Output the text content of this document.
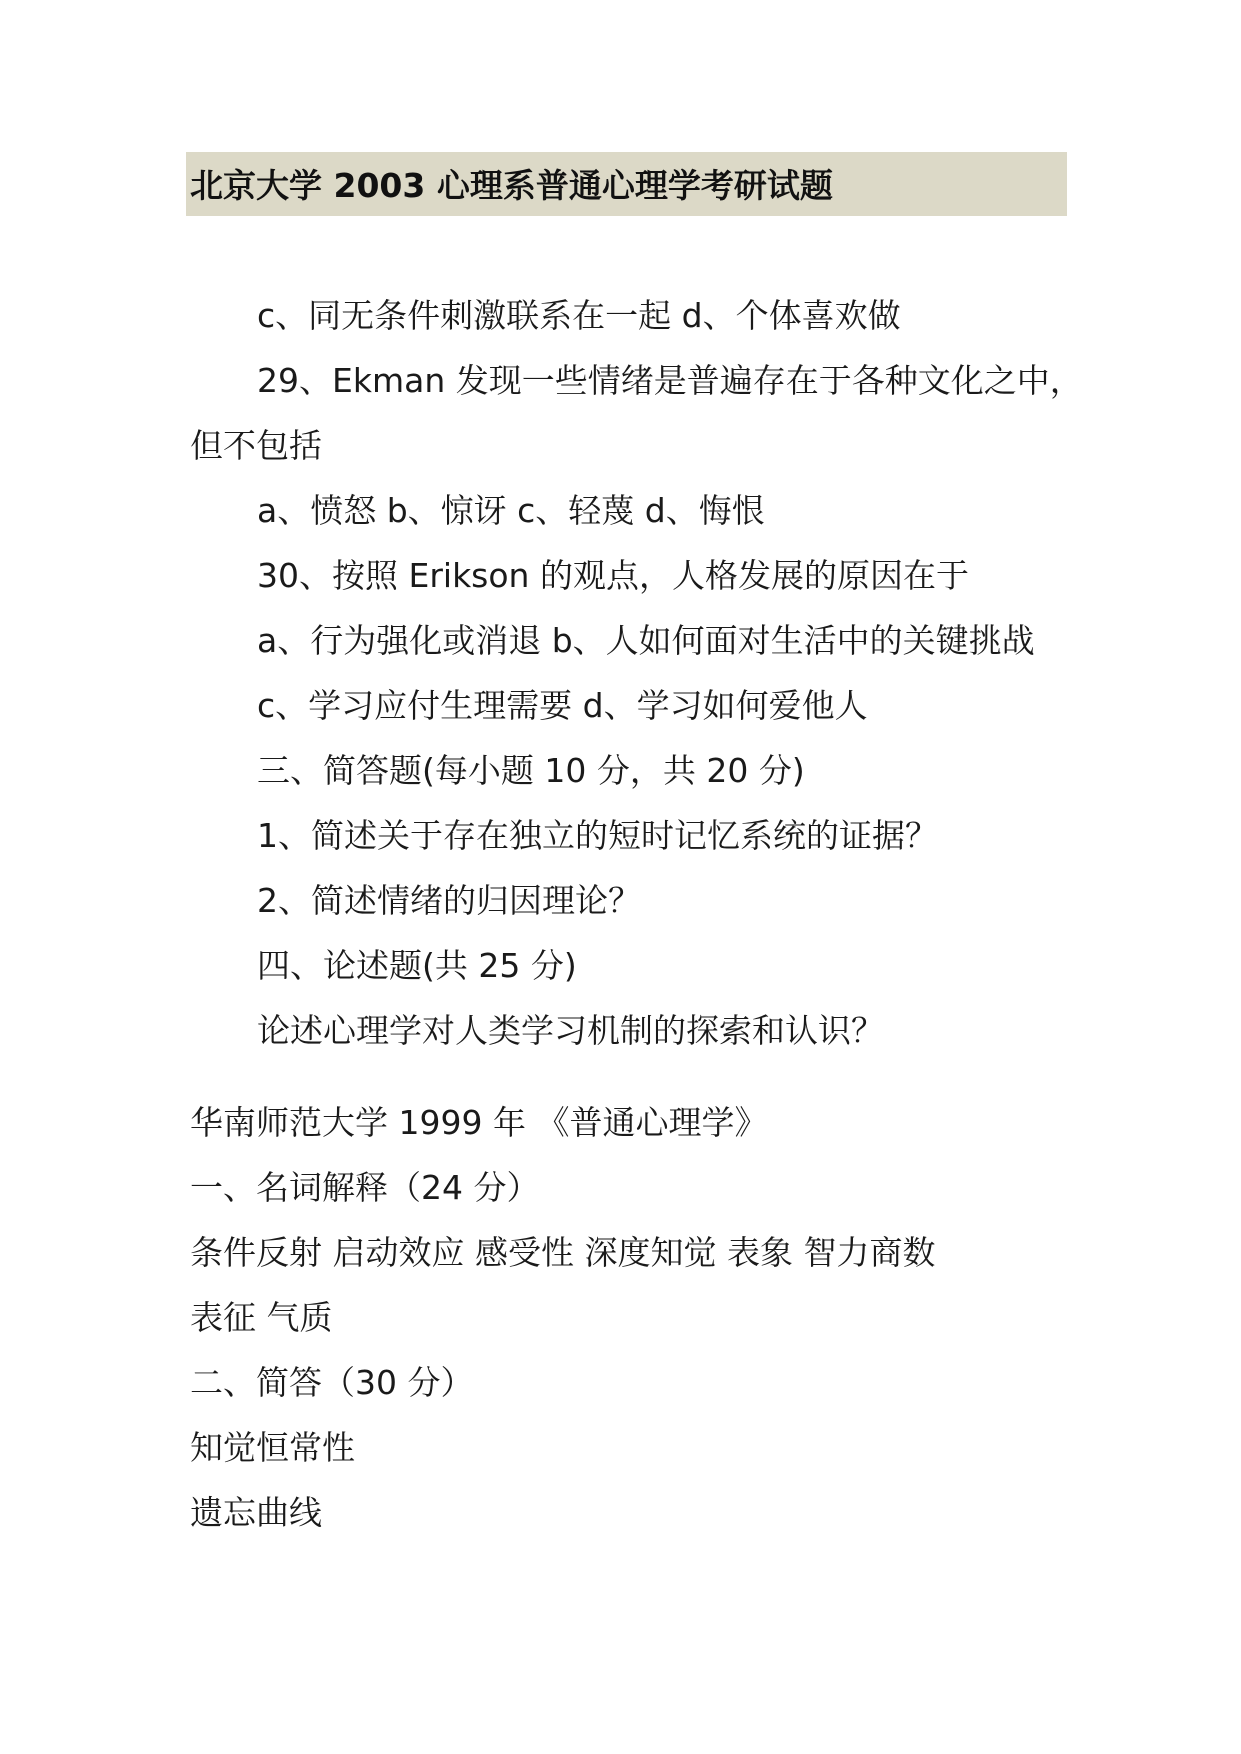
北京大学 2003 心理系普通心理学考研试题
c、同无条件刺激联系在一起 d、个体喜欢做
29、Ekman 发现一些情绪是普遍存在于各种文化之中，
但不包括
a、愤怒 b、惊讶 c、轻蔑 d、悔恨
30、按照 Erikson 的观点，人格发展的原因在于
a、行为强化或消退 b、人如何面对生活中的关键挑战
c、学习应付生理需要 d、学习如何爱他人
三、简答题(每小题 10 分，共 20 分)
1、简述关于存在独立的短时记忆系统的证据？
2、简述情绪的归因理论？
四、论述题(共 25 分)
论述心理学对人类学习机制的探索和认识？
华南师范大学 1999 年 《普通心理学》
一、名词解释（24 分）
条件反射 启动效应 感受性 深度知觉 表象 智力商数
表征 气质
二、简答（30 分）
知觉恒常性
遗忘曲线
